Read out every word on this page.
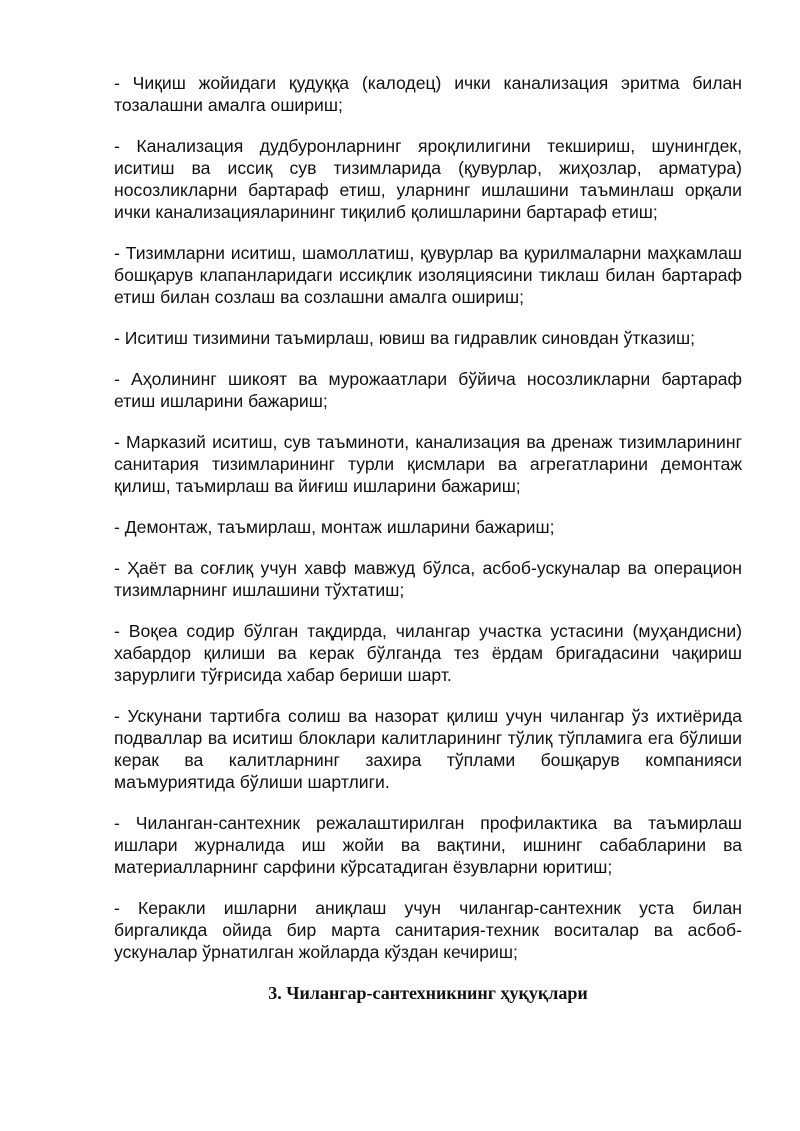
- Чиқиш жойидаги қудуққа (калодец) ички канализация эритма билан тозалашни амалга ошириш;

- Канализация дудбуронларнинг яроқлилигини текшириш, шунингдек, иситиш ва иссиқ сув тизимларида (қувурлар, жиҳозлар, арматура) носозликларни бартараф етиш, уларнинг ишлашини таъминлаш орқали ички канализацияларининг тиқилиб қолишларини бартараф етиш;

- Тизимларни иситиш, шамоллатиш, қувурлар ва қурилмаларни маҳкамлаш бошқарув клапанларидаги иссиқлик изоляциясини тиклаш билан бартараф етиш билан созлаш ва созлашни амалга ошириш;

- Иситиш тизимини таъмирлаш, ювиш ва гидравлик синовдан ўтказиш;

- Аҳолининг шикоят ва мурожаатлари бўйича носозликларни бартараф етиш ишларини бажариш;

- Марказий иситиш, сув таъминоти, канализация ва дренаж тизимларининг санитария тизимларининг турли қисмлари ва агрегатларини демонтаж қилиш, таъмирлаш ва йиғиш ишларини бажариш;

- Демонтаж, таъмирлаш, монтаж ишларини бажариш;

- Ҳаёт ва соғлиқ учун хавф мавжуд бўлса, асбоб-ускуналар ва операцион тизимларнинг ишлашини тўхтатиш;

- Воқеа содир бўлган тақдирда, чилангар участка устасини (муҳандисни) хабардор қилиши ва керак бўлганда тез ёрдам бригадасини чақириш зарурлиги тўғрисида хабар бериши шарт.

- Ускунани тартибга солиш ва назорат қилиш учун чилангар ўз ихтиёрида подваллар ва иситиш блоклари калитларининг тўлиқ тўпламига ега бўлиши керак ва калитларнинг захира тўплами бошқарув компанияси маъмуриятида бўлиши шартлиги.

- Чиланган-сантехник режалаштирилган профилактика ва таъмирлаш ишлари журналида иш жойи ва вақтини, ишнинг сабабларини ва материалларнинг сарфини кўрсатадиган ёзувларни юритиш;

- Керакли ишларни аниқлаш учун чилангар-сантехник уста билан биргаликда ойида бир марта санитария-техник воситалар ва асбоб-ускуналар ўрнатилган жойларда кўздан кечириш;

3. Чилангар-сантехникнинг ҳуқуқлари
